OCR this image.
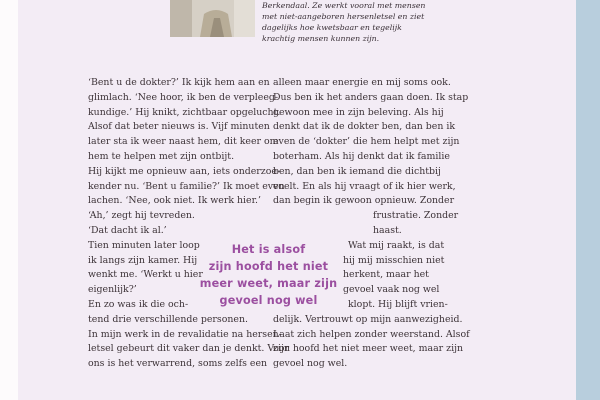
Berkendaal. Ze werkt vooral met mensen
met niet-aangeboren hersenletsel en ziet
dagelijks hoe kwetsbaar en tegelijk
krachtig mensen kunnen zijn.
‘Bent u de dokter?’ Ik kijk hem aan en
glimlach. ‘Nee hoor, ik ben de verpleeg-
kundige.’ Hij knikt, zichtbaar opgelucht.
Alsof dat beter nieuws is. Vijf minuten
later sta ik weer naast hem, dit keer om
hem te helpen met zijn ontbijt.
Hij kijkt me opnieuw aan, iets onderzoe-
kender nu. ‘Bent u familie?’ Ik moet even
lachen. ‘Nee, ook niet. Ik werk hier.’
‘Ah,’ zegt hij tevreden.
‘Dat dacht ik al.’
Tien minuten later loop
ik langs zijn kamer. Hij
wenkt me. ‘Werkt u hier
eigenlijk?’
En zo was ik die och-
tend drie verschillende personen.
In mijn werk in de revalidatie na hersen-
letsel gebeurt dit vaker dan je denkt. Voor
ons is het verwarrend, soms zelfs een
alleen maar energie en mij soms ook.
Dus ben ik het anders gaan doen. Ik stap
gewoon mee in zijn beleving. Als hij
denkt dat ik de dokter ben, dan ben ik
even de ‘dokter’ die hem helpt met zijn
boterham. Als hij denkt dat ik familie
ben, dan ben ik iemand die dichtbij
voelt. En als hij vraagt of ik hier werk,
dan begin ik gewoon opnieuw. Zonder
frustratie. Zonder
haast.
Wat mij raakt, is dat
hij mij misschien niet
herkent, maar het
gevoel vaak nog wel
klopt. Hij blijft vrien-
delijk. Vertrouwt op mijn aanwezigheid.
Laat zich helpen zonder weerstand. Alsof
zijn hoofd het niet meer weet, maar zijn
gevoel nog wel.
Het is alsof
zijn hoofd het niet
meer weet, maar zijn
gevoel nog wel
